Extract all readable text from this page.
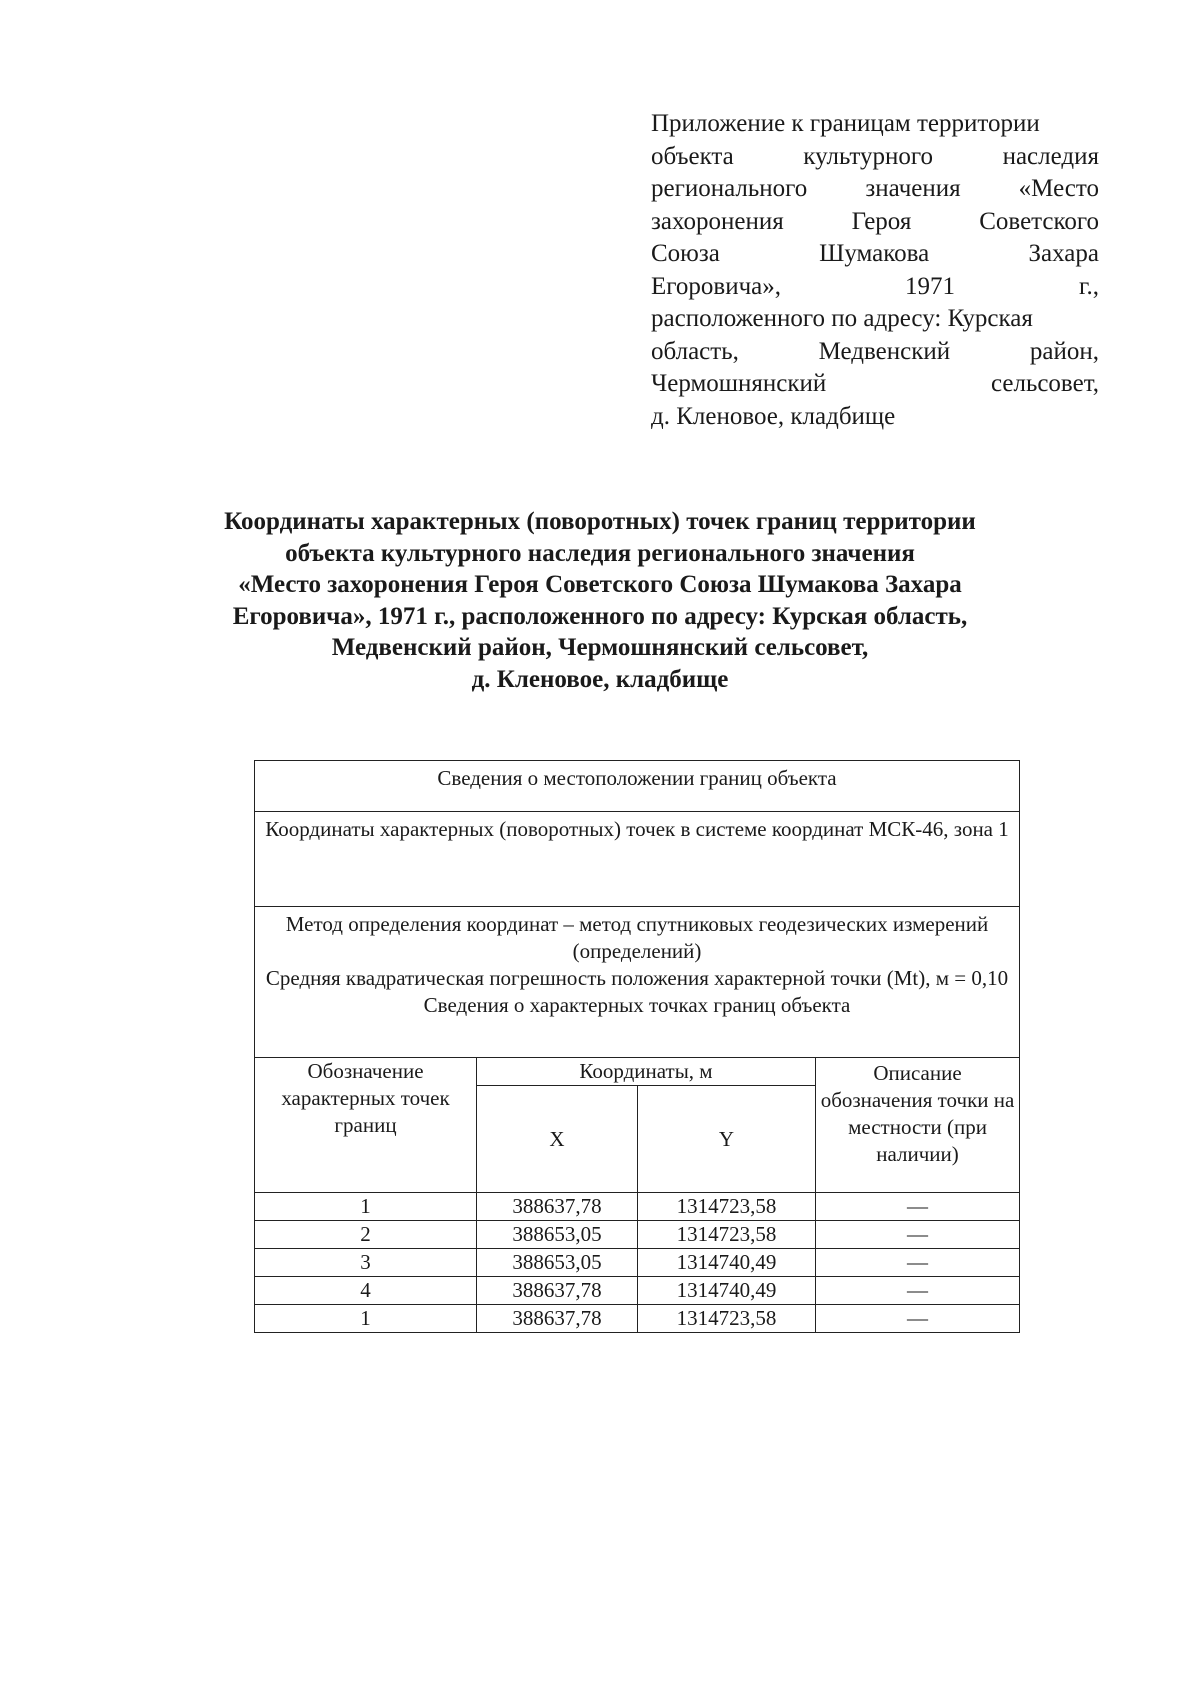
Приложение к границам территории
объекта культурного наследия
регионального значения «Место
захоронения Героя Советского
Союза Шумакова Захара
Егоровича», 1971 г.,
расположенного по адресу: Курская
область, Медвенский район,
Чермошнянский сельсовет,
д. Кленовое, кладбище
Координаты характерных (поворотных) точек границ территории
объекта культурного наследия регионального значения
«Место захоронения Героя Советского Союза Шумакова Захара
Егоровича», 1971 г., расположенного по адресу: Курская область,
Медвенский район, Чермошнянский сельсовет,
д. Кленовое, кладбище
Сведения о местоположении границ объекта			
Координаты характерных (поворотных) точек в системе координат МСК-46, зона 1			

Метод определения координат – метод спутниковых геодезических измерений (определений)
Средняя квадратическая погрешность положения характерной точки (Mt), м = 0,10
Сведения о характерных точках границ объекта			

Обозначение характерных точек границ	Координаты, м		Описание обозначения точки на местности (при наличии)
	X	Y	
1	388637,78	1314723,58	—
2	388653,05	1314723,58	—
3	388653,05	1314740,49	—
4	388637,78	1314740,49	—
1	388637,78	1314723,58	—
